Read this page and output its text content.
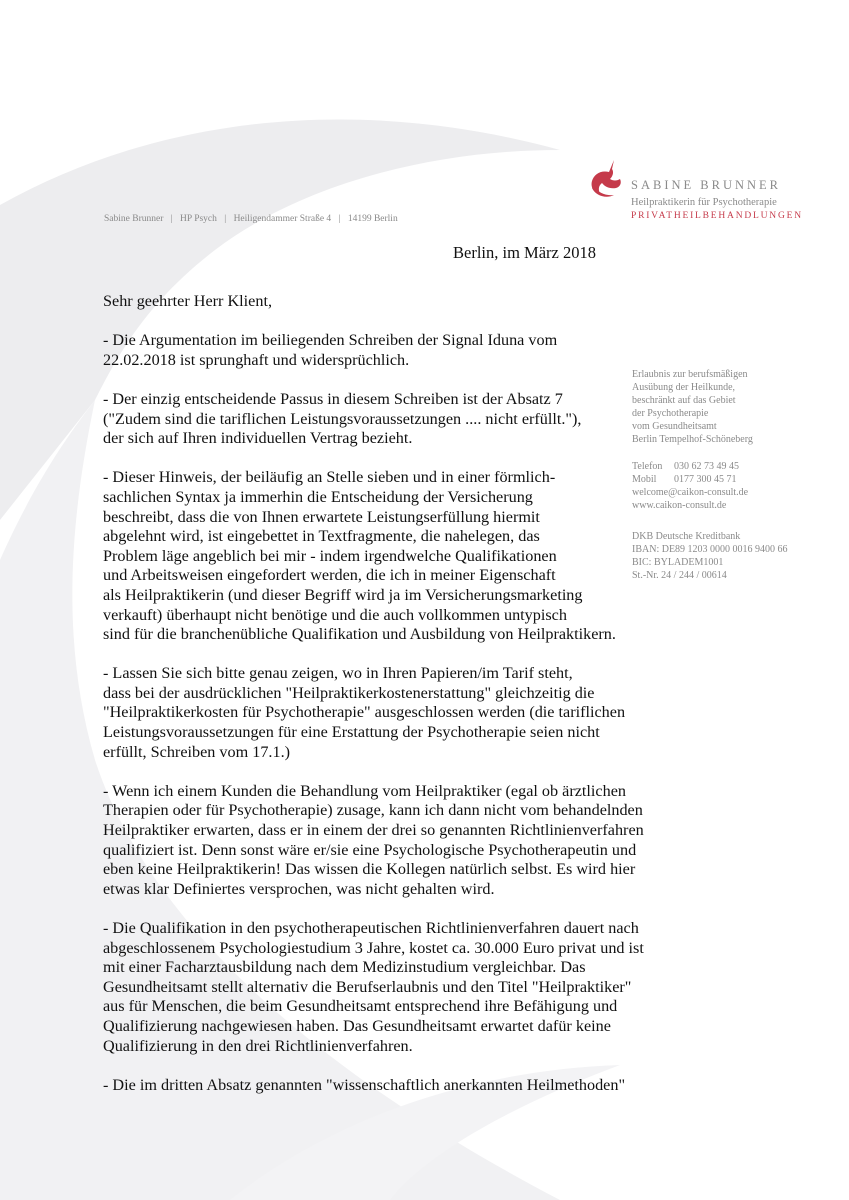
SABINE BRUNNER
Heilpraktikerin für Psychotherapie
PRIVATHEILBEHANDLUNGEN
Sabine Brunner | HP Psych | Heiligendammer Straße 4 | 14199 Berlin
Berlin, im März 2018
Erlaubnis zur berufsmäßigen
Ausübung der Heilkunde,
beschränkt auf das Gebiet
der Psychotherapie
vom Gesundheitsamt
Berlin Tempelhof-Schöneberg
Telefon 030 62 73 49 45
Mobil 0177 300 45 71
welcome@caikon-consult.de
www.caikon-consult.de
DKB Deutsche Kreditbank
IBAN: DE89 1203 0000 0016 9400 66
BIC: BYLADEM1001
St.-Nr. 24 / 244 / 00614

Sehr geehrter Herr Klient,

- Die Argumentation im beiliegenden Schreiben der Signal Iduna vom
22.02.2018 ist sprunghaft und widersprüchlich.

- Der einzig entscheidende Passus in diesem Schreiben ist der Absatz 7
("Zudem sind die tariflichen Leistungsvoraussetzungen .... nicht erfüllt."),
der sich auf Ihren individuellen Vertrag bezieht.

- Dieser Hinweis, der beiläufig an Stelle sieben und in einer förmlich-
sachlichen Syntax ja immerhin die Entscheidung der Versicherung
beschreibt, dass die von Ihnen erwartete Leistungserfüllung hiermit
abgelehnt wird, ist eingebettet in Textfragmente, die nahelegen, das
Problem läge angeblich bei mir - indem irgendwelche Qualifikationen
und Arbeitsweisen eingefordert werden, die ich in meiner Eigenschaft
als Heilpraktikerin (und dieser Begriff wird ja im Versicherungsmarketing
verkauft) überhaupt nicht benötige und die auch vollkommen untypisch
sind für die branchenübliche Qualifikation und Ausbildung von Heilpraktikern.

- Lassen Sie sich bitte genau zeigen, wo in Ihren Papieren/im Tarif steht,
dass bei der ausdrücklichen "Heilpraktikerkostenerstattung" gleichzeitig die
"Heilpraktikerkosten für Psychotherapie" ausgeschlossen werden (die tariflichen
Leistungsvoraussetzungen für eine Erstattung der Psychotherapie seien nicht
erfüllt, Schreiben vom 17.1.)

- Wenn ich einem Kunden die Behandlung vom Heilpraktiker (egal ob ärztlichen
Therapien oder für Psychotherapie) zusage, kann ich dann nicht vom behandelnden
Heilpraktiker erwarten, dass er in einem der drei so genannten Richtlinienverfahren
qualifiziert ist. Denn sonst wäre er/sie eine Psychologische Psychotherapeutin und
eben keine Heilpraktikerin! Das wissen die Kollegen natürlich selbst. Es wird hier
etwas klar Definiertes versprochen, was nicht gehalten wird.

- Die Qualifikation in den psychotherapeutischen Richtlinienverfahren dauert nach
abgeschlossenem Psychologiestudium 3 Jahre, kostet ca. 30.000 Euro privat und ist
mit einer Facharztausbildung nach dem Medizinstudium vergleichbar. Das
Gesundheitsamt stellt alternativ die Berufserlaubnis und den Titel "Heilpraktiker"
aus für Menschen, die beim Gesundheitsamt entsprechend ihre Befähigung und
Qualifizierung nachgewiesen haben. Das Gesundheitsamt erwartet dafür keine
Qualifizierung in den drei Richtlinienverfahren.

- Die im dritten Absatz genannten "wissenschaftlich anerkannten Heilmethoden"
